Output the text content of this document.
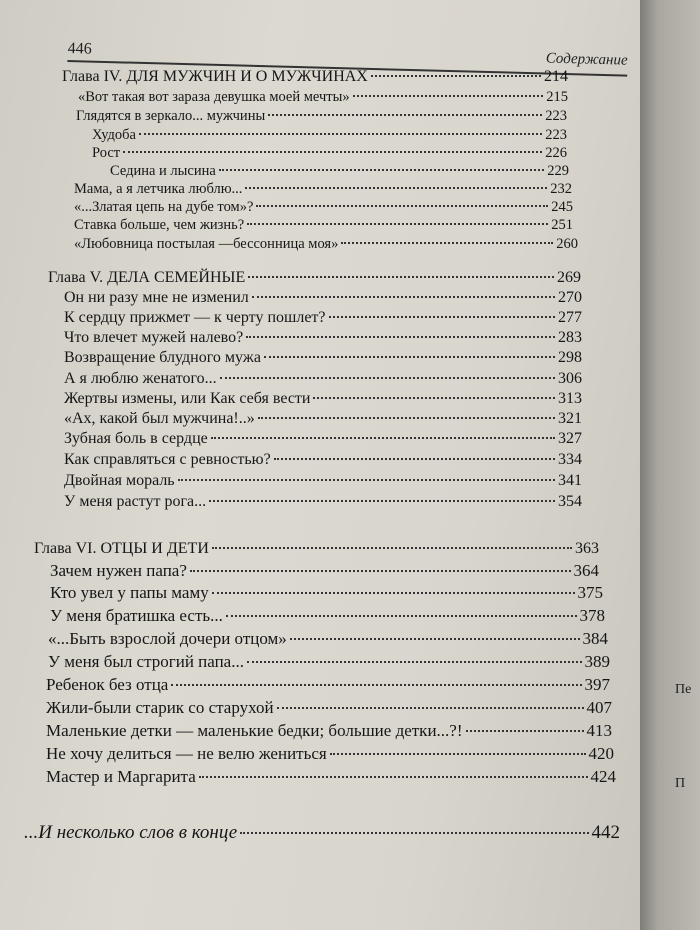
446
Содержание
Глава IV. ДЛЯ МУЖЧИН И О МУЖЧИНАХ	214
«Вот такая вот зараза девушка моей мечты»	215
Глядятся в зеркало... мужчины	223
Худоба	223
Рост	226
Седина и лысина	229
Мама, а я летчика люблю...	232
«...Златая цепь на дубе том»?	245
Ставка больше, чем жизнь?	251
«Любовница постылая —бессонница моя»	260
Глава V. ДЕЛА СЕМЕЙНЫЕ	269
Он ни разу мне не изменил	270
К сердцу прижмет — к черту пошлет?	277
Что влечет мужей налево?	283
Возвращение блудного мужа	298
А я люблю женатого...	306
Жертвы измены, или Как себя вести	313
«Ах, какой был мужчина!..»	321
Зубная боль в сердце	327
Как справляться с ревностью?	334
Двойная мораль	341
У меня растут рога...	354
Глава VI. ОТЦЫ И ДЕТИ	363
Зачем нужен папа?	364
Кто увел у папы маму	375
У меня братишка есть...	378
«...Быть взрослой дочери отцом»	384
У меня был строгий папа...	389
Ребенок без отца	397
Жили-были старик со старухой	407
Маленькие детки — маленькие бедки; большие детки...?!	413
Не хочу делиться — не велю жениться	420
Мастер и Маргарита	424
...И несколько слов в конце	442
Пе
П
